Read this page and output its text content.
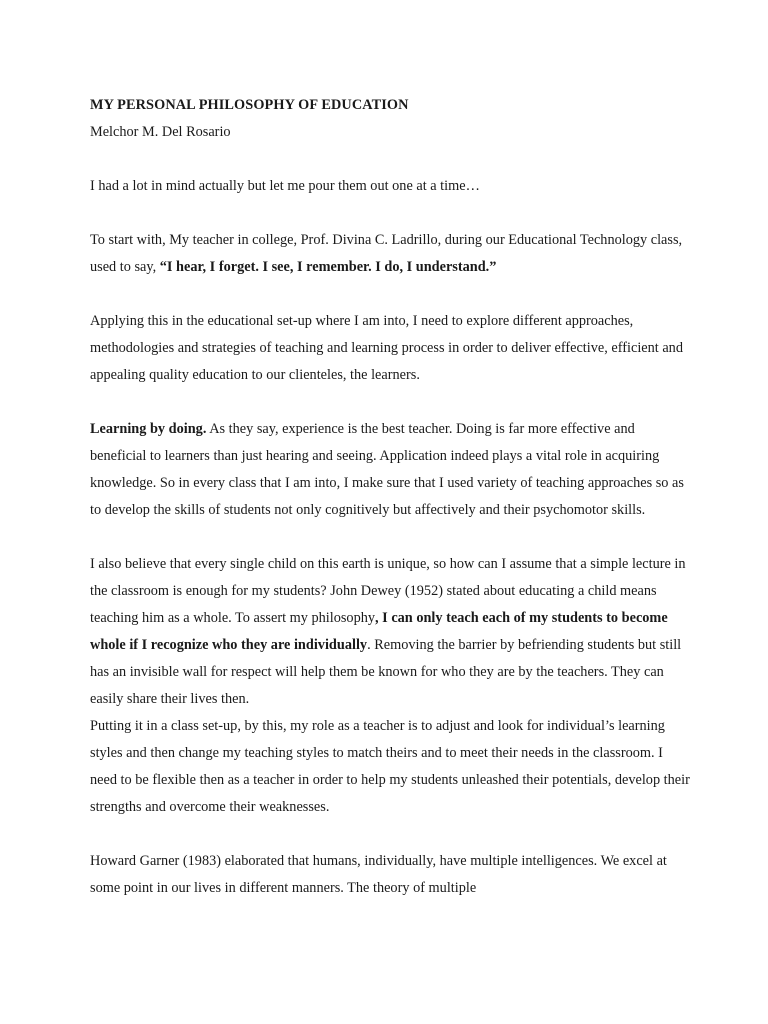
MY PERSONAL PHILOSOPHY OF EDUCATION
Melchor M. Del Rosario

I had a lot in mind actually but let me pour them out one at a time…

To start with, My teacher in college, Prof. Divina C. Ladrillo, during our Educational Technology class, used to say, “I hear, I forget. I see, I remember. I do, I understand.”

Applying this in the educational set-up where I am into, I need to explore different approaches, methodologies and strategies of teaching and learning process in order to deliver effective, efficient and appealing quality education to our clienteles, the learners.

Learning by doing. As they say, experience is the best teacher. Doing is far more effective and beneficial to learners than just hearing and seeing. Application indeed plays a vital role in acquiring knowledge. So in every class that I am into, I make sure that I used variety of teaching approaches so as to develop the skills of students not only cognitively but affectively and their psychomotor skills.

I also believe that every single child on this earth is unique, so how can I assume that a simple lecture in the classroom is enough for my students? John Dewey (1952) stated about educating a child means teaching him as a whole. To assert my philosophy, I can only teach each of my students to become whole if I recognize who they are individually. Removing the barrier by befriending students but still has an invisible wall for respect will help them be known for who they are by the teachers. They can easily share their lives then.

Putting it in a class set-up, by this, my role as a teacher is to adjust and look for individual’s learning styles and then change my teaching styles to match theirs and to meet their needs in the classroom. I need to be flexible then as a teacher in order to help my students unleashed their potentials, develop their strengths and overcome their weaknesses.

Howard Garner (1983) elaborated that humans, individually, have multiple intelligences. We excel at some point in our lives in different manners. The theory of multiple
